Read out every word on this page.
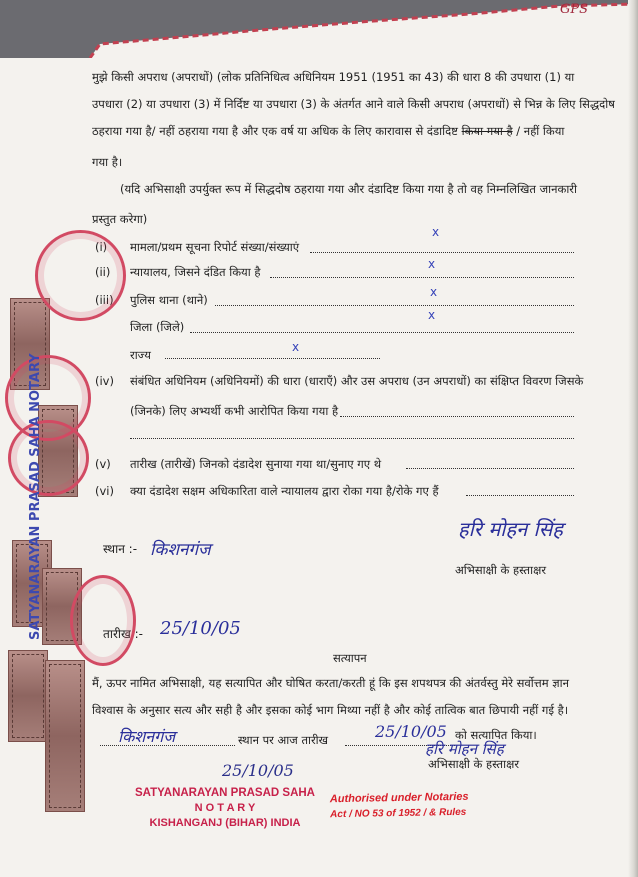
GPS
मुझे किसी अपराध (अपराधों) (लोक प्रतिनिधित्व अधिनियम 1951 (1951 का 43) की धारा 8 की उपधारा (1) या
उपधारा (2) या उपधारा (3) में निर्दिष्ट या उपधारा (3) के अंतर्गत आने वाले किसी अपराध (अपराधों) से भिन्न के लिए सिद्धदोष
ठहराया गया है/ नहीं ठहराया गया है और एक वर्ष या अधिक के लिए कारावास से दंडादिष्ट किया गया है / नहीं किया
गया है।
(यदि अभिसाक्षी उपर्युक्त रूप में सिद्धदोष ठहराया गया और दंडादिष्ट किया गया है तो वह निम्नलिखित जानकारी
प्रस्तुत करेगा)
(i) मामला/प्रथम सूचना रिपोर्ट संख्या/संख्याएं
x
(ii) न्यायालय, जिसने दंडित किया है
x
(iii) पुलिस थाना (थाने)
x
जिला (जिले)
x
राज्य
x
(iv) संबंधित अधिनियम (अधिनियमों) की धारा (धाराएँ) और उस अपराध (उन अपराधों) का संक्षिप्त विवरण जिसके
(जिनके) लिए अभ्यर्थी कभी आरोपित किया गया है
(v) तारीख (तारीखें) जिनको दंडादेश सुनाया गया था/सुनाए गए थे
(vi) क्या दंडादेश सक्षम अधिकारिता वाले न्यायालय द्वारा रोका गया है/रोके गए हैं
स्थान :- किशनगंज
हरि मोहन सिंह
अभिसाक्षी के हस्ताक्षर
तारीख :- 25/10/05
सत्यापन
मैं, ऊपर नामित अभिसाक्षी, यह सत्यापित और घोषित करता/करती हूं कि इस शपथपत्र की अंतर्वस्तु मेरे सर्वोत्तम ज्ञान
विश्वास के अनुसार सत्य और सही है और इसका कोई भाग मिथ्या नहीं है और कोई तात्विक बात छिपायी नहीं गई है।
किशनगंज	स्थान पर आज तारीख	25/10/05 को सत्यापित किया।
हरि मोहन सिंह
अभिसाक्षी के हस्ताक्षर
25/10/05
SATYANARAYAN PRASAD SAHA
N O T A R Y
KISHANGANJ (BIHAR) INDIA
Authorised under Notaries
Act / NO 53 of 1952 / & Rules
SATYANARAYAN PRASAD SAHA NOTARY
